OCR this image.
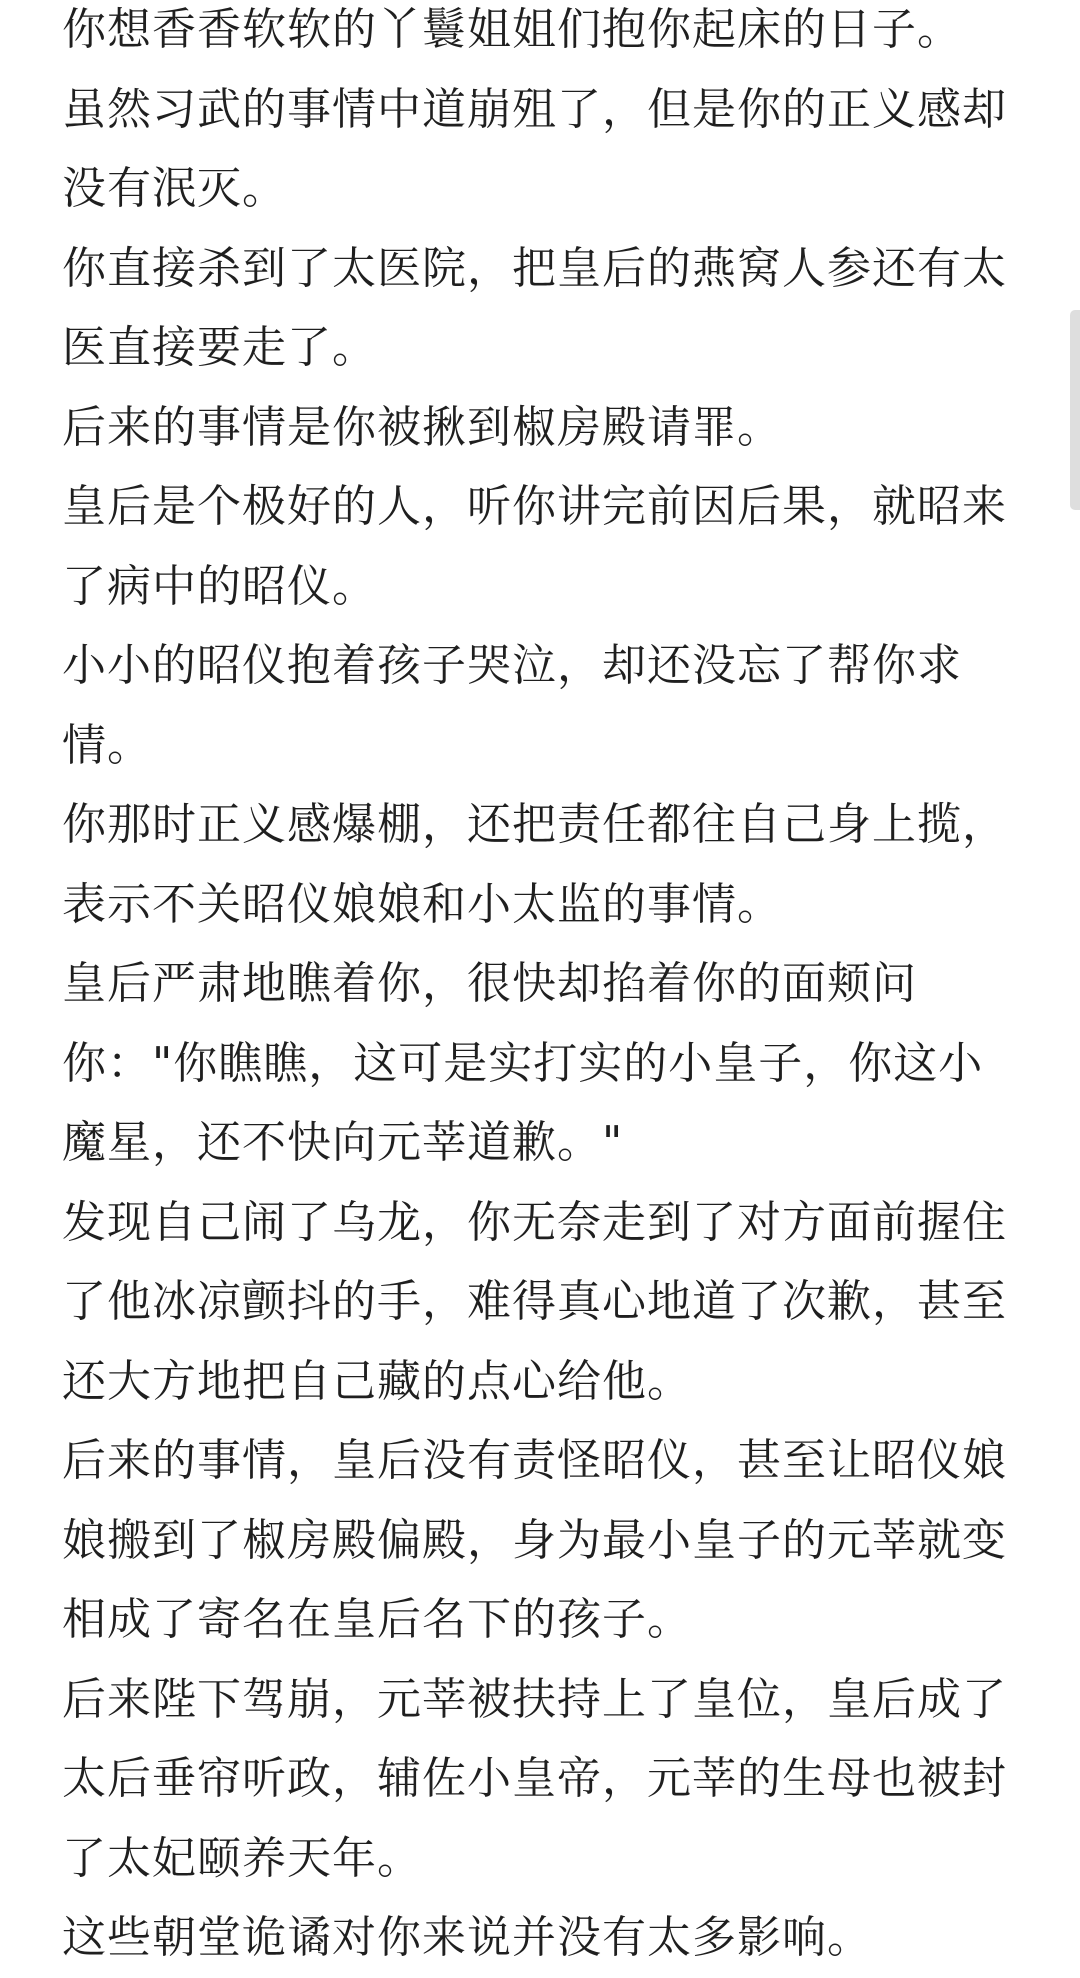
你想香香软软的丫鬟姐姐们抱你起床的日子。

虽然习武的事情中道崩殂了，但是你的正义感却没有泯灭。

你直接杀到了太医院，把皇后的燕窝人参还有太医直接要走了。

后来的事情是你被揪到椒房殿请罪。

皇后是个极好的人，听你讲完前因后果，就昭来了病中的昭仪。

小小的昭仪抱着孩子哭泣，却还没忘了帮你求情。

你那时正义感爆棚，还把责任都往自己身上揽，表示不关昭仪娘娘和小太监的事情。

皇后严肃地瞧着你，很快却掐着你的面颊问你："你瞧瞧，这可是实打实的小皇子，你这小魔星，还不快向元莘道歉。"

发现自己闹了乌龙，你无奈走到了对方面前握住了他冰凉颤抖的手，难得真心地道了次歉，甚至还大方地把自己藏的点心给他。

后来的事情，皇后没有责怪昭仪，甚至让昭仪娘娘搬到了椒房殿偏殿，身为最小皇子的元莘就变相成了寄名在皇后名下的孩子。

后来陛下驾崩，元莘被扶持上了皇位，皇后成了太后垂帘听政，辅佐小皇帝，元莘的生母也被封了太妃颐养天年。

这些朝堂诡谲对你来说并没有太多影响。
